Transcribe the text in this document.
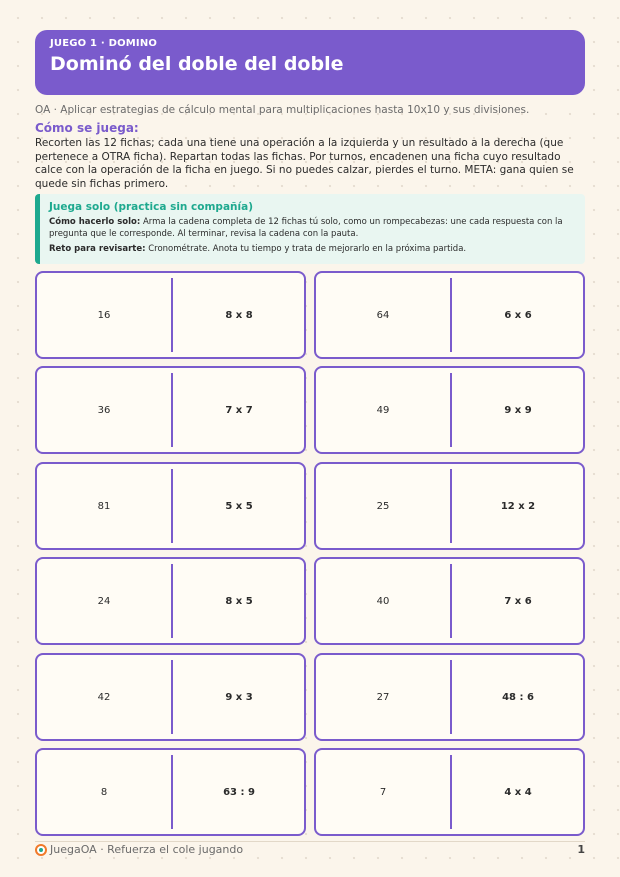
JUEGO 1 · DOMINO
Dominó del doble del doble
OA · Aplicar estrategias de cálculo mental para multiplicaciones hasta 10x10 y sus divisiones.
Cómo se juega:
Recorten las 12 fichas; cada una tiene una operación a la izquierda y un resultado a la derecha (que pertenece a OTRA ficha). Repartan todas las fichas. Por turnos, encadenen una ficha cuyo resultado calce con la operación de la ficha en juego. Si no puedes calzar, pierdes el turno. META: gana quien se quede sin fichas primero.
Juega solo (practica sin compañía)
Cómo hacerlo solo: Arma la cadena completa de 12 fichas tú solo, como un rompecabezas: une cada respuesta con la pregunta que le corresponde. Al terminar, revisa la cadena con la pauta.
Reto para revisarte: Cronométrate. Anota tu tiempo y trata de mejorarlo en la próxima partida.
16	8 x 8	64	6 x 6
36	7 x 7	49	9 x 9
81	5 x 5	25	12 x 2
24	8 x 5	40	7 x 6
42	9 x 3	27	48 : 6
8	63 : 9	7	4 x 4
JuegaOA · Refuerza el cole jugando	1
